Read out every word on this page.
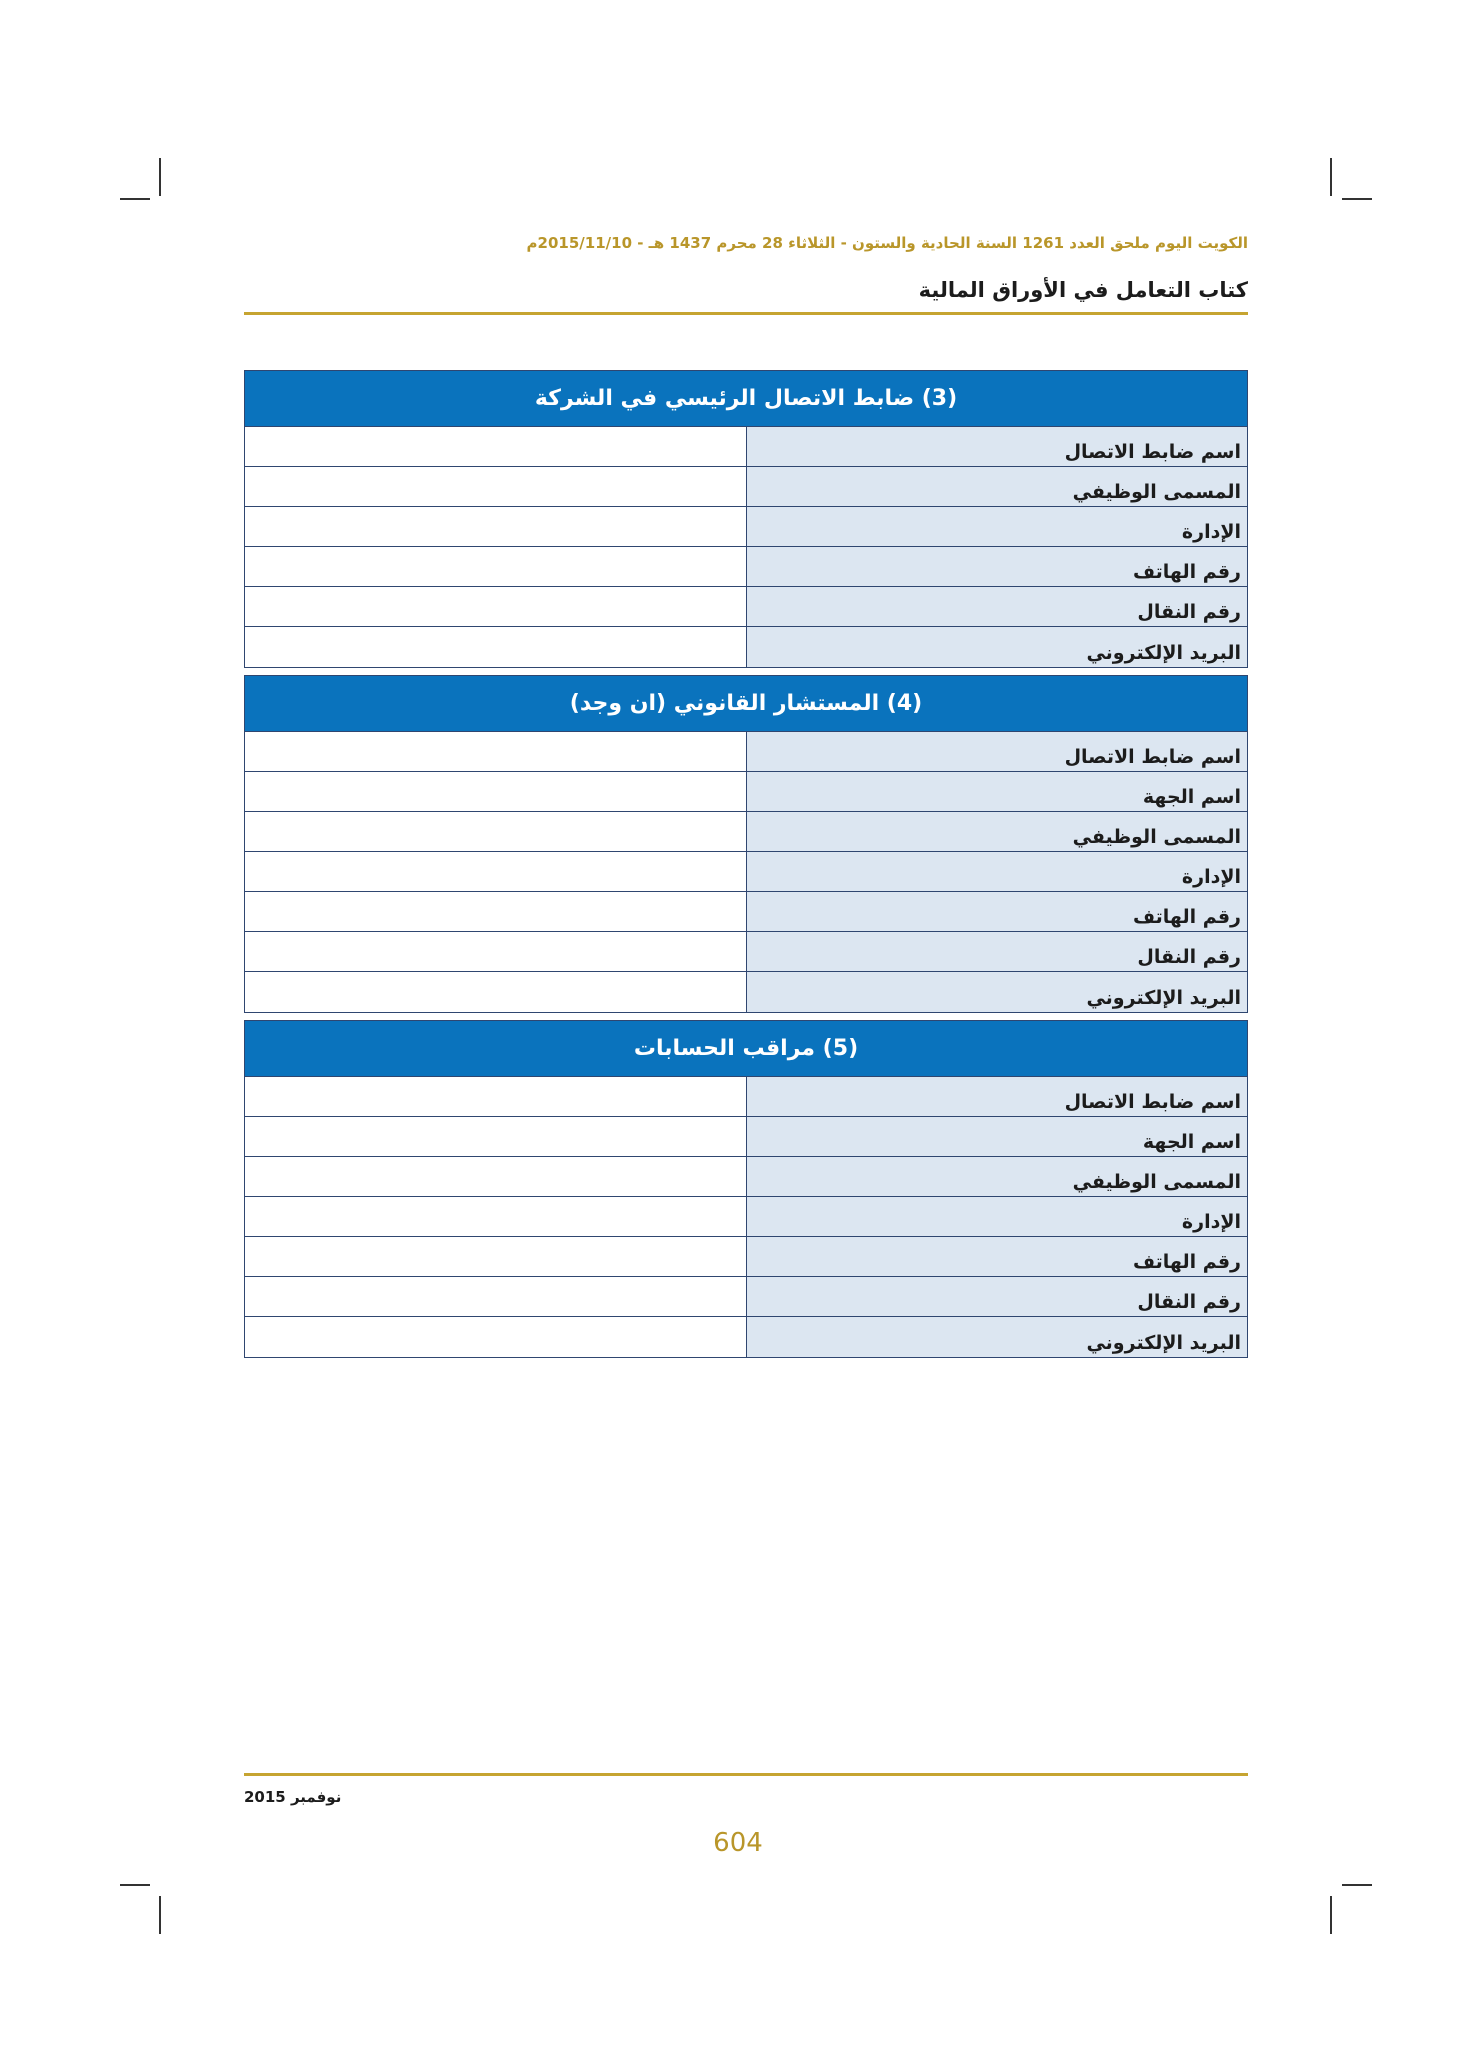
الكويت اليوم ملحق العدد 1261 السنة الحادية والستون - الثلاثاء 28 محرم 1437 هـ - 2015/11/10م
كتاب التعامل في الأوراق المالية
(3) ضابط الاتصال الرئيسي في الشركة
اسم ضابط الاتصال
المسمى الوظيفي
الإدارة
رقم الهاتف
رقم النقال
البريد الإلكتروني
(4) المستشار القانوني (ان وجد)
اسم ضابط الاتصال
اسم الجهة
المسمى الوظيفي
الإدارة
رقم الهاتف
رقم النقال
البريد الإلكتروني
(5) مراقب الحسابات
اسم ضابط الاتصال
اسم الجهة
المسمى الوظيفي
الإدارة
رقم الهاتف
رقم النقال
البريد الإلكتروني
نوفمبر 2015
604
